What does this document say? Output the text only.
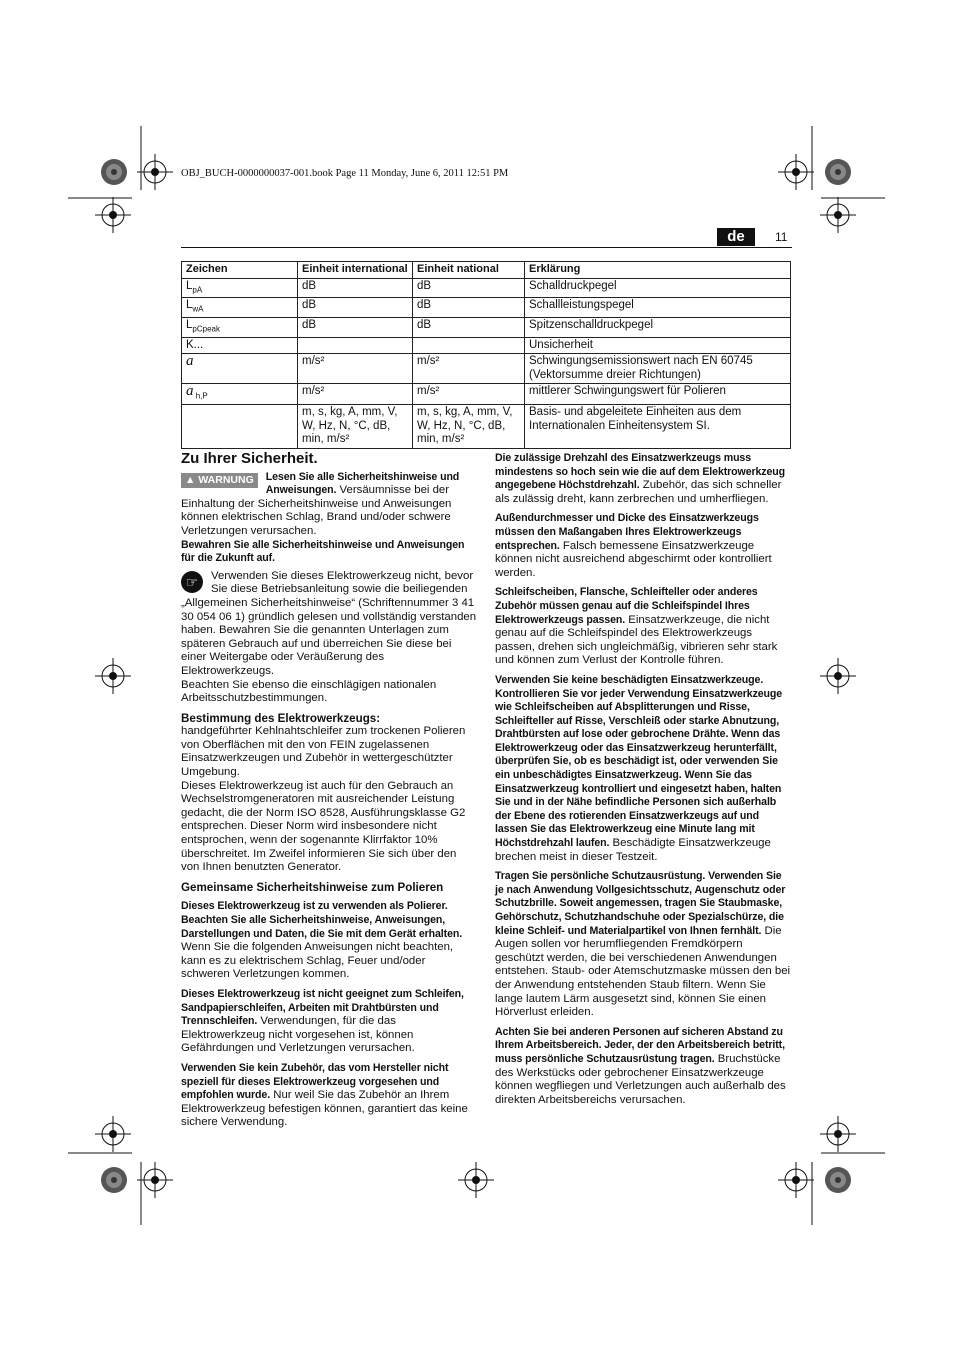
OBJ_BUCH-0000000037-001.book Page 11 Monday, June 6, 2011 12:51 PM
de	11
Zeichen	Einheit international	Einheit national	Erklärung
$L_{pA}$	dB	dB	Schalldruckpegel
$L_{wA}$	dB	dB	Schallleistungspegel
$L_{pCpeak}$	dB	dB	Spitzenschalldruckpegel
K...			Unsicherheit
a	m/s²	m/s²	Schwingungsemissionswert nach EN 60745 (Vektorsumme dreier Richtungen)
a $_{h,P}$	m/s²	m/s²	mittlerer Schwingungswert für Polieren
	m, s, kg, A, mm, V, W, Hz, N, °C, dB, min, m/s²	m, s, kg, A, mm, V, W, Hz, N, °C, dB, min, m/s²	Basis- und abgeleitete Einheiten aus dem Internationalen Einheitensystem SI.

Zu Ihrer Sicherheit.

▲ WARNUNG	Lesen Sie alle Sicherheitshinweise und Anweisungen. Versäumnisse bei der Einhaltung der Sicherheitshinweise und Anweisungen können elektrischen Schlag, Brand und/oder schwere Verletzungen verursachen.

Bewahren Sie alle Sicherheitshinweise und Anweisungen für die Zukunft auf.

☞	Verwenden Sie dieses Elektrowerkzeug nicht, bevor Sie diese Betriebsanleitung sowie die beiliegenden „Allgemeinen Sicherheitshinweise“ (Schriftennummer 3 41 30 054 06 1) gründlich gelesen und vollständig verstanden haben. Bewahren Sie die genannten Unterlagen zum späteren Gebrauch auf und überreichen Sie diese bei einer Weitergabe oder Veräußerung des Elektrowerkzeugs.

Beachten Sie ebenso die einschlägigen nationalen Arbeitsschutzbestimmungen.

Bestimmung des Elektrowerkzeugs:

handgeführter Kehlnahtschleifer zum trockenen Polieren von Oberflächen mit den von FEIN zugelassenen Einsatzwerkzeugen und Zubehör in wettergeschützter Umgebung.

Dieses Elektrowerkzeug ist auch für den Gebrauch an Wechselstromgeneratoren mit ausreichender Leistung gedacht, die der Norm ISO 8528, Ausführungsklasse G2 entsprechen. Dieser Norm wird insbesondere nicht entsprochen, wenn der sogenannte Klirrfaktor 10% überschreitet. Im Zweifel informieren Sie sich über den von Ihnen benutzten Generator.

Gemeinsame Sicherheitshinweise zum Polieren

Dieses Elektrowerkzeug ist zu verwenden als Polierer. Beachten Sie alle Sicherheitshinweise, Anweisungen, Darstellungen und Daten, die Sie mit dem Gerät erhalten. Wenn Sie die folgenden Anweisungen nicht beachten, kann es zu elektrischem Schlag, Feuer und/oder schweren Verletzungen kommen.

Dieses Elektrowerkzeug ist nicht geeignet zum Schleifen, Sandpapierschleifen, Arbeiten mit Drahtbürsten und Trennschleifen. Verwendungen, für die das Elektrowerkzeug nicht vorgesehen ist, können Gefährdungen und Verletzungen verursachen.

Verwenden Sie kein Zubehör, das vom Hersteller nicht speziell für dieses Elektrowerkzeug vorgesehen und empfohlen wurde. Nur weil Sie das Zubehör an Ihrem Elektrowerkzeug befestigen können, garantiert das keine sichere Verwendung.

Die zulässige Drehzahl des Einsatzwerkzeugs muss mindestens so hoch sein wie die auf dem Elektrowerkzeug angegebene Höchstdrehzahl. Zubehör, das sich schneller als zulässig dreht, kann zerbrechen und umherfliegen.

Außendurchmesser und Dicke des Einsatzwerkzeugs müssen den Maßangaben Ihres Elektrowerkzeugs entsprechen. Falsch bemessene Einsatzwerkzeuge können nicht ausreichend abgeschirmt oder kontrolliert werden.

Schleifscheiben, Flansche, Schleifteller oder anderes Zubehör müssen genau auf die Schleifspindel Ihres Elektrowerkzeugs passen. Einsatzwerkzeuge, die nicht genau auf die Schleifspindel des Elektrowerkzeugs passen, drehen sich ungleichmäßig, vibrieren sehr stark und können zum Verlust der Kontrolle führen.

Verwenden Sie keine beschädigten Einsatzwerkzeuge. Kontrollieren Sie vor jeder Verwendung Einsatzwerkzeuge wie Schleifscheiben auf Absplitterungen und Risse, Schleifteller auf Risse, Verschleiß oder starke Abnutzung, Drahtbürsten auf lose oder gebrochene Drähte. Wenn das Elektrowerkzeug oder das Einsatzwerkzeug herunterfällt, überprüfen Sie, ob es beschädigt ist, oder verwenden Sie ein unbeschädigtes Einsatzwerkzeug. Wenn Sie das Einsatzwerkzeug kontrolliert und eingesetzt haben, halten Sie und in der Nähe befindliche Personen sich außerhalb der Ebene des rotierenden Einsatzwerkzeugs auf und lassen Sie das Elektrowerkzeug eine Minute lang mit Höchstdrehzahl laufen. Beschädigte Einsatzwerkzeuge brechen meist in dieser Testzeit.

Tragen Sie persönliche Schutzausrüstung. Verwenden Sie je nach Anwendung Vollgesichtsschutz, Augenschutz oder Schutzbrille. Soweit angemessen, tragen Sie Staubmaske, Gehörschutz, Schutzhandschuhe oder Spezialschürze, die kleine Schleif- und Materialpartikel von Ihnen fernhält. Die Augen sollen vor herumfliegenden Fremdkörpern geschützt werden, die bei verschiedenen Anwendungen entstehen. Staub- oder Atemschutzmaske müssen den bei der Anwendung entstehenden Staub filtern. Wenn Sie lange lautem Lärm ausgesetzt sind, können Sie einen Hörverlust erleiden.

Achten Sie bei anderen Personen auf sicheren Abstand zu Ihrem Arbeitsbereich. Jeder, der den Arbeitsbereich betritt, muss persönliche Schutzausrüstung tragen. Bruchstücke des Werkstücks oder gebrochener Einsatzwerkzeuge können wegfliegen und Verletzungen auch außerhalb des direkten Arbeitsbereichs verursachen.
